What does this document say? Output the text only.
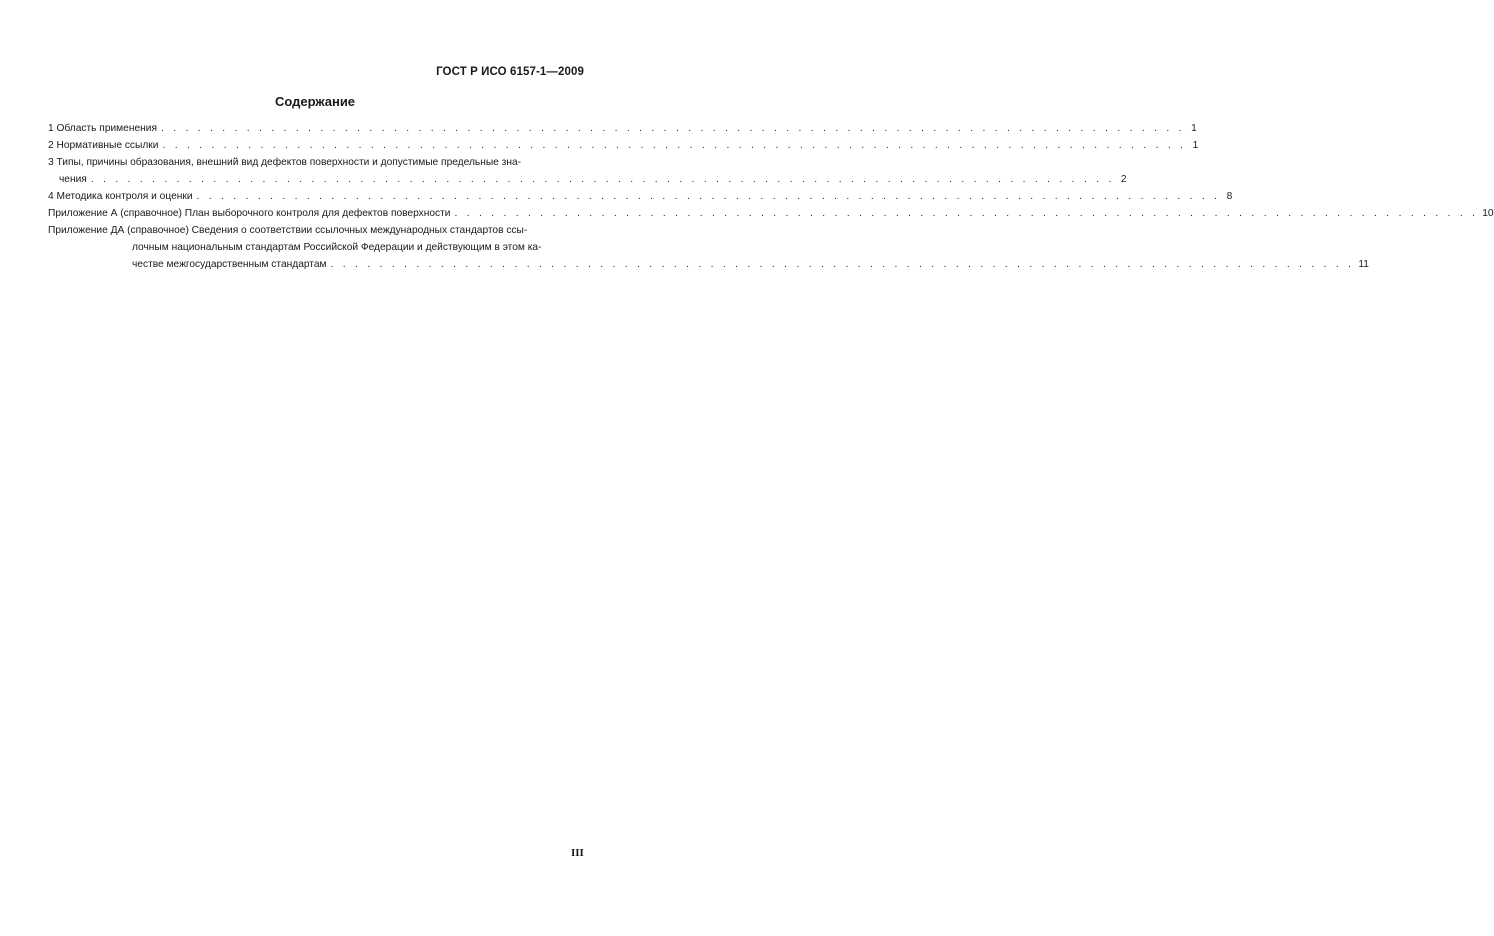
ГОСТ Р ИСО 6157-1—2009
Содержание
1 Область применения . . . . . . . . . . . . . . . . . . . . . . . . . . . . . . . . . . . . . . . . . . . . . . . . . . . . . . . . . . . . . . . . . . . . . . . . . . . . . . . . . . . . 1
2 Нормативные ссылки . . . . . . . . . . . . . . . . . . . . . . . . . . . . . . . . . . . . . . . . . . . . . . . . . . . . . . . . . . . . . . . . . . . . . . . . . . . . . . . . . . . . 1
3 Типы, причины образования, внешний вид дефектов поверхности и допустимые предельные зна-
чения . . . . . . . . . . . . . . . . . . . . . . . . . . . . . . . . . . . . . . . . . . . . . . . . . . . . . . . . . . . . . . . . . . . . . . . . . . . . . . . . . . . . 2
4 Методика контроля и оценки . . . . . . . . . . . . . . . . . . . . . . . . . . . . . . . . . . . . . . . . . . . . . . . . . . . . . . . . . . . . . . . . . . . . . . . . . . . . . . . . . . . . 8
Приложение А (справочное) План выборочного контроля для дефектов поверхности . . . . . . . . . . . . . . . . . . . . . . . . . . . . . . . . . . . . . . . . . . . . . . . . . . . . . . . . . . . . . . . . . . . . . . . . . . . . . . . . . . . . 10
Приложение ДА (справочное) Сведения о соответствии ссылочных международных стандартов ссы-
лочным национальным стандартам Российской Федерации и действующим в этом ка-
честве межгосударственным стандартам . . . . . . . . . . . . . . . . . . . . . . . . . . . . . . . . . . . . . . . . . . . . . . . . . . . . . . . . . . . . . . . . . . . . . . . . . . . . . . . . . . . . 11
III
